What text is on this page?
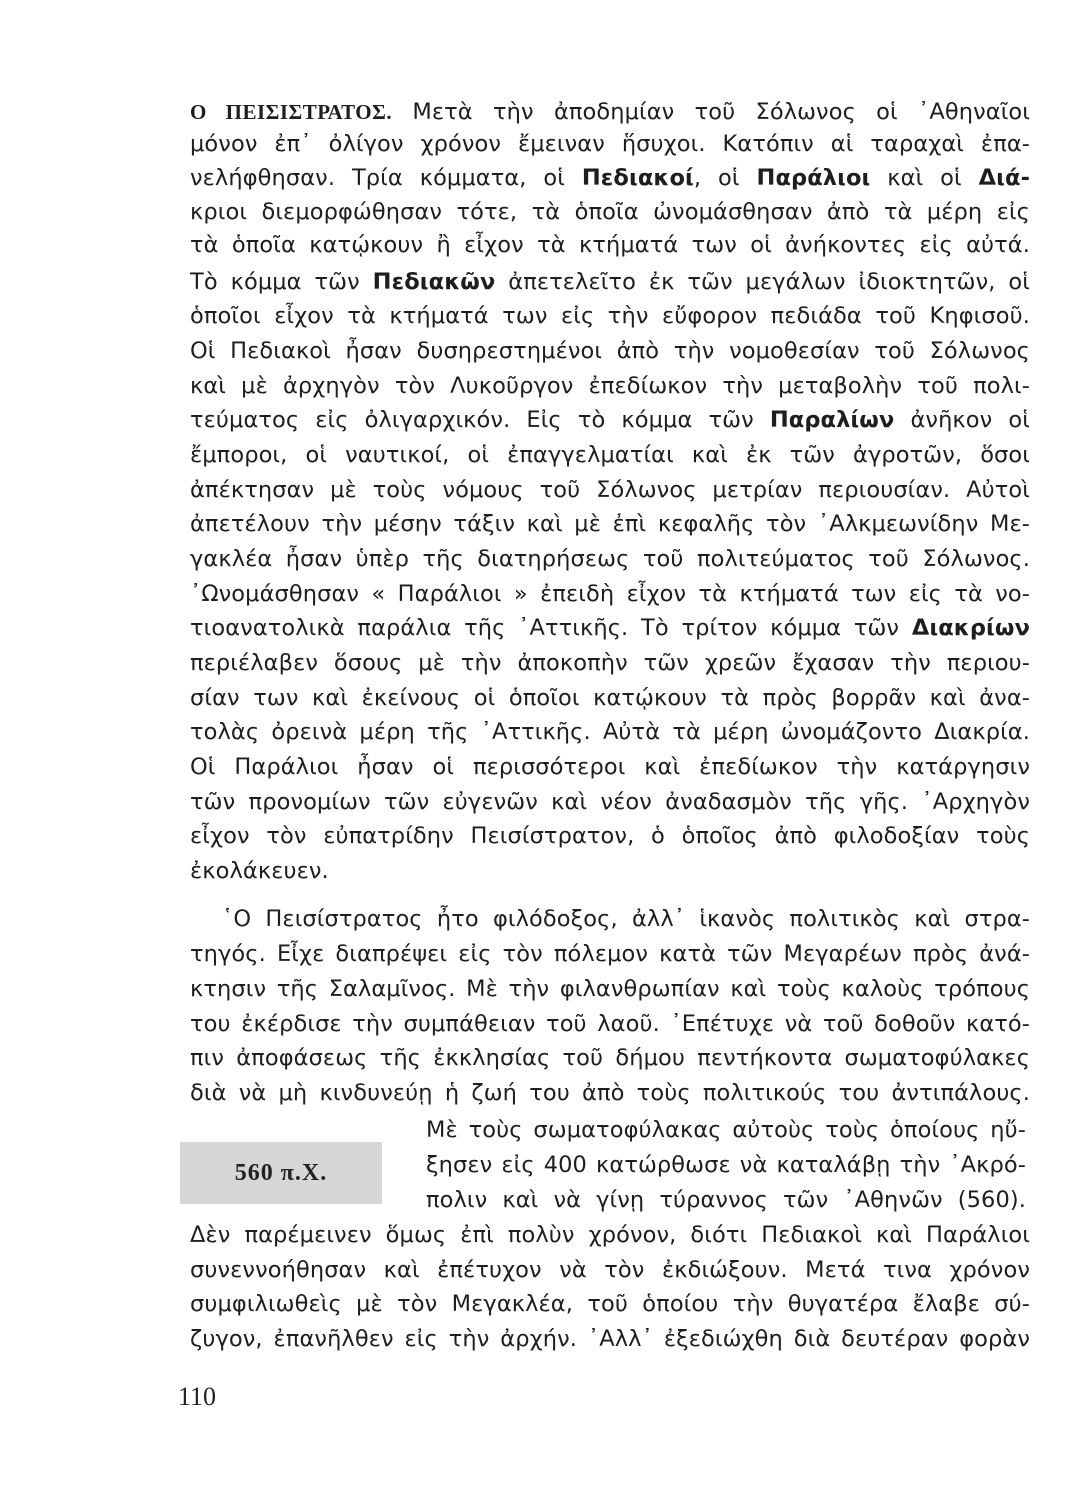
Ο ΠΕΙΣΙΣΤΡΑΤΟΣ. Μετὰ τὴν ἀποδημίαν τοῦ Σόλωνος οἱ ᾿Αθηναῖοι
μόνον ἐπ᾿ ὀλίγον χρόνον ἔμειναν ἥσυχοι. Κατόπιν αἱ ταραχαὶ ἐπα-
νελήφθησαν. Τρία κόμματα, οἱ Πεδιακοί, οἱ Παράλιοι καὶ οἱ Διά-
κριοι διεμορφώθησαν τότε, τὰ ὁποῖα ὠνομάσθησαν ἀπὸ τὰ μέρη εἰς
τὰ ὁποῖα κατῴκουν ἢ εἶχον τὰ κτήματά των οἱ ἀνήκοντες εἰς αὐτά.
Τὸ κόμμα τῶν Πεδιακῶν ἀπετελεῖτο ἐκ τῶν μεγάλων ἰδιοκτητῶν, οἱ
ὁποῖοι εἶχον τὰ κτήματά των εἰς τὴν εὔφορον πεδιάδα τοῦ Κηφισοῦ.
Οἱ Πεδιακοὶ ἦσαν δυσηρεστημένοι ἀπὸ τὴν νομοθεσίαν τοῦ Σόλωνος
καὶ μὲ ἀρχηγὸν τὸν Λυκοῦργον ἐπεδίωκον τὴν μεταβολὴν τοῦ πολι-
τεύματος εἰς ὀλιγαρχικόν. Εἰς τὸ κόμμα τῶν Παραλίων ἀνῆκον οἱ
ἔμποροι, οἱ ναυτικοί, οἱ ἐπαγγελματίαι καὶ ἐκ τῶν ἀγροτῶν, ὅσοι
ἀπέκτησαν μὲ τοὺς νόμους τοῦ Σόλωνος μετρίαν περιουσίαν. Αὐτοὶ
ἀπετέλουν τὴν μέσην τάξιν καὶ μὲ ἐπὶ κεφαλῆς τὸν ᾿Αλκμεωνίδην Με-
γακλέα ἦσαν ὑπὲρ τῆς διατηρήσεως τοῦ πολιτεύματος τοῦ Σόλωνος.
᾿Ωνομάσθησαν « Παράλιοι » ἐπειδὴ εἶχον τὰ κτήματά των εἰς τὰ νο-
τιοανατολικὰ παράλια τῆς ᾿Αττικῆς. Τὸ τρίτον κόμμα τῶν Διακρίων
περιέλαβεν ὅσους μὲ τὴν ἀποκοπὴν τῶν χρεῶν ἔχασαν τὴν περιου-
σίαν των καὶ ἐκείνους οἱ ὁποῖοι κατῴκουν τὰ πρὸς βορρᾶν καὶ ἀνα-
τολὰς ὀρεινὰ μέρη τῆς ᾿Αττικῆς. Αὐτὰ τὰ μέρη ὠνομάζοντο Διακρία.
Οἱ Παράλιοι ἦσαν οἱ περισσότεροι καὶ ἐπεδίωκον τὴν κατάργησιν
τῶν προνομίων τῶν εὐγενῶν καὶ νέον ἀναδασμὸν τῆς γῆς. ᾿Αρχηγὸν
εἶχον τὸν εὐπατρίδην Πεισίστρατον, ὁ ὁποῖος ἀπὸ φιλοδοξίαν τοὺς
ἐκολάκευεν.
῾Ο Πεισίστρατος ἦτο φιλόδοξος, ἀλλ᾿ ἱκανὸς πολιτικὸς καὶ στρα-
τηγός. Εἶχε διαπρέψει εἰς τὸν πόλεμον κατὰ τῶν Μεγαρέων πρὸς ἀνά-
κτησιν τῆς Σαλαμῖνος. Μὲ τὴν φιλανθρωπίαν καὶ τοὺς καλοὺς τρόπους
του ἐκέρδισε τὴν συμπάθειαν τοῦ λαοῦ. ᾿Επέτυχε νὰ τοῦ δοθοῦν κατό-
πιν ἀποφάσεως τῆς ἐκκλησίας τοῦ δήμου πεντήκοντα σωματοφύλακες
διὰ νὰ μὴ κινδυνεύῃ ἡ ζωή του ἀπὸ τοὺς πολιτικούς του ἀντιπάλους.
Μὲ τοὺς σωματοφύλακας αὐτοὺς τοὺς ὁποίους ηὔ-
ξησεν εἰς 400 κατώρθωσε νὰ καταλάβῃ τὴν ᾿Ακρό-
πολιν καὶ νὰ γίνῃ τύραννος τῶν ᾿Αθηνῶν (560).
Δὲν παρέμεινεν ὅμως ἐπὶ πολὺν χρόνον, διότι Πεδιακοὶ καὶ Παράλιοι
συνεννοήθησαν καὶ ἐπέτυχον νὰ τὸν ἐκδιώξουν. Μετά τινα χρόνον
συμφιλιωθεὶς μὲ τὸν Μεγακλέα, τοῦ ὁποίου τὴν θυγατέρα ἔλαβε σύ-
ζυγον, ἐπανῆλθεν εἰς τὴν ἀρχήν. ᾿Αλλ᾿ ἐξεδιώχθη διὰ δευτέραν φορὰν
560 π.Χ.
110
